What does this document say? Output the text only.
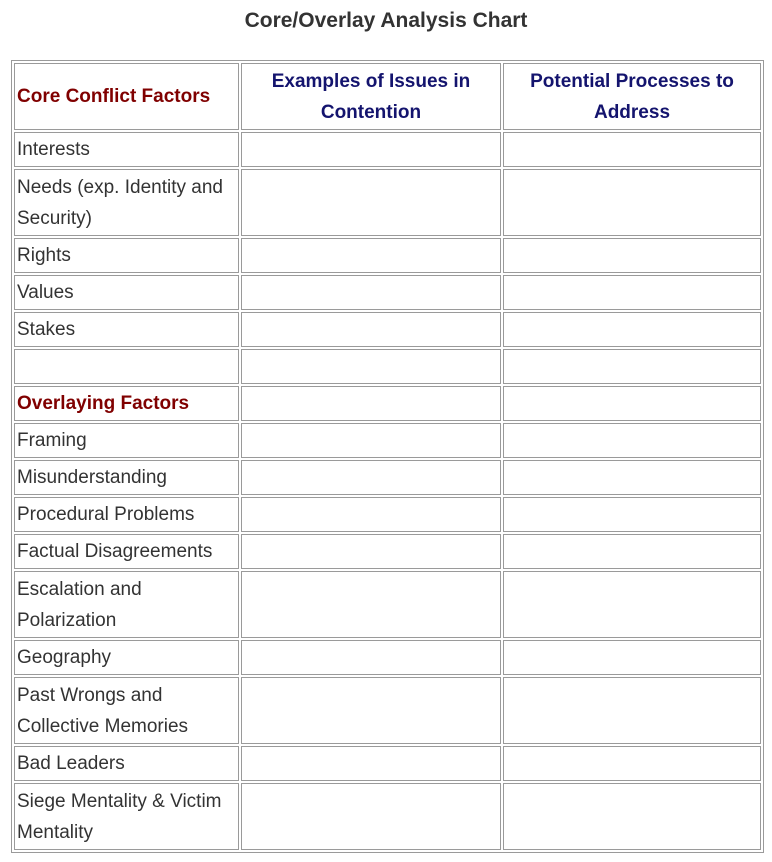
Core/Overlay Analysis Chart
Core Conflict Factors	Examples of Issues in Contention	Potential Processes to Address
Interests		
Needs (exp. Identity and Security)		
Rights		
Values		
Stakes		

Overlaying Factors		
Framing		
Misunderstanding		
Procedural Problems		
Factual Disagreements		
Escalation and Polarization		
Geography		
Past Wrongs and Collective Memories		
Bad Leaders		
Siege Mentality & Victim Mentality		
